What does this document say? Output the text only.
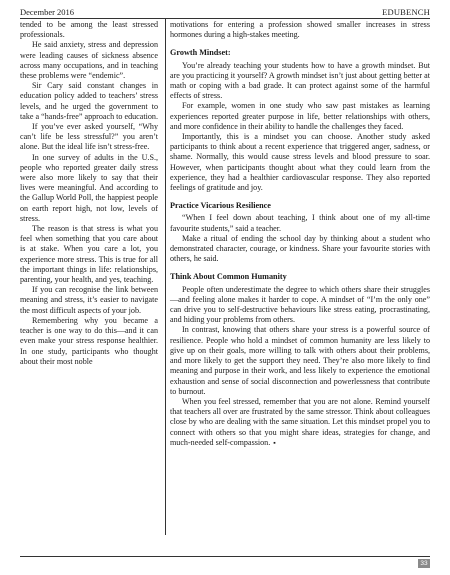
December 2016	EDUBENCH

tended to be among the least stressed professionals.

He said anxiety, stress and depression were leading causes of sickness absence across many occupations, and in teaching these problems were “endemic”.

Sir Cary said constant changes in education policy added to teachers’ stress levels, and he urged the government to take a “hands-free” approach to education.

If you’ve ever asked yourself, “Why can’t life be less stressful?” you aren’t alone. But the ideal life isn’t stress-free.

In one survey of adults in the U.S., people who reported greater daily stress were also more likely to say that their lives were meaningful. And according to the Gallup World Poll, the happiest people on earth report high, not low, levels of stress.

The reason is that stress is what you feel when something that you care about is at stake. When you care a lot, you experience more stress. This is true for all the important things in life: relationships, parenting, your health, and yes, teaching.

If you can recognise the link between meaning and stress, it’s easier to navigate the most difficult aspects of your job.

Remembering why you became a teacher is one way to do this—and it can even make your stress response healthier. In one study, participants who thought about their most noble

motivations for entering a profession showed smaller increases in stress hormones during a high-stakes meeting.

Growth Mindset:

You’re already teaching your students how to have a growth mindset. But are you practicing it yourself? A growth mindset isn’t just about getting better at math or coping with a bad grade. It can protect against some of the harmful effects of stress.

For example, women in one study who saw past mistakes as learning experiences reported greater purpose in life, better relationships with others, and more confidence in their ability to handle the challenges they faced.

Importantly, this is a mindset you can choose. Another study asked participants to think about a recent experience that triggered anger, sadness, or shame. Normally, this would cause stress levels and blood pressure to soar. However, when participants thought about what they could learn from the experience, they had a healthier cardiovascular response. They also reported feelings of gratitude and joy.

Practice Vicarious Resilience

“When I feel down about teaching, I think about one of my all-time favourite students,” said a teacher.

Make a ritual of ending the school day by thinking about a student who demonstrated character, courage, or kindness. Share your favourite stories with others, he said.

Think About Common Humanity

People often underestimate the degree to which others share their struggles—and feeling alone makes it harder to cope. A mindset of “I’m the only one” can drive you to self-destructive behaviours like stress eating, procrastinating, and hiding your problems from others.

In contrast, knowing that others share your stress is a powerful source of resilience. People who hold a mindset of common humanity are less likely to give up on their goals, more willing to talk with others about their problems, and more likely to get the support they need. They’re also more likely to find meaning and purpose in their work, and less likely to experience the emotional exhaustion and sense of social disconnection and powerlessness that contribute to burnout.

When you feel stressed, remember that you are not alone. Remind yourself that teachers all over are frustrated by the same stressor. Think about colleagues close by who are dealing with the same situation. Let this mindset propel you to connect with others so that you might share ideas, strategies for change, and much-needed self-compassion. ▪

33
